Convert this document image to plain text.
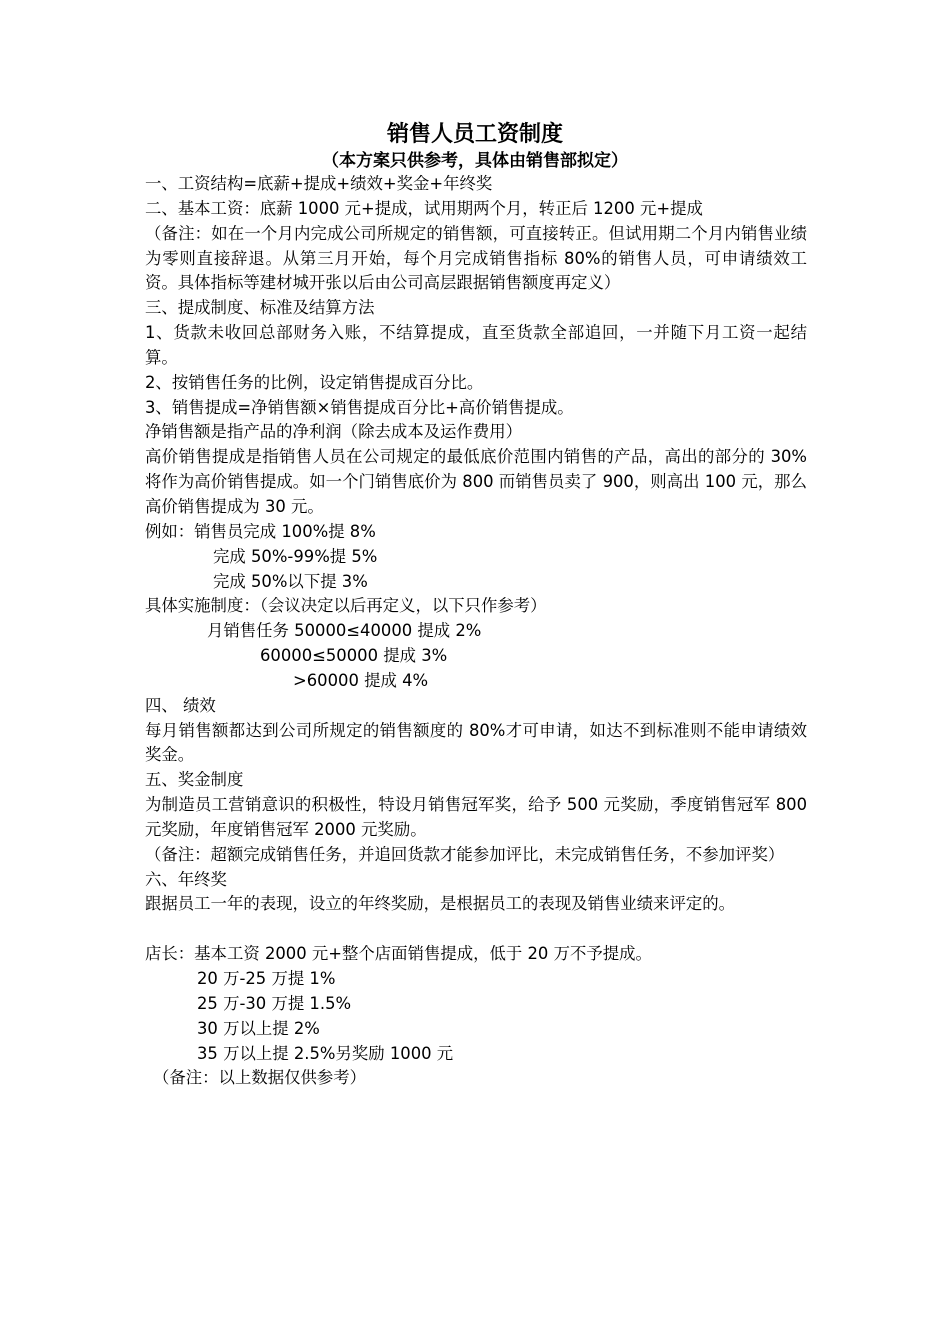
销售人员工资制度
（本方案只供参考，具体由销售部拟定）

一、工资结构=底薪+提成+绩效+奖金+年终奖

二、基本工资：底薪 1000 元+提成，试用期两个月，转正后 1200 元+提成

（备注：如在一个月内完成公司所规定的销售额，可直接转正。但试用期二个月内销售业绩为零则直接辞退。从第三月开始，每个月完成销售指标 80%的销售人员，可申请绩效工资。具体指标等建材城开张以后由公司高层跟据销售额度再定义）

三、提成制度、标准及结算方法

1、货款未收回总部财务入账，不结算提成，直至货款全部追回，一并随下月工资一起结算。

2、按销售任务的比例，设定销售提成百分比。

3、销售提成=净销售额×销售提成百分比+高价销售提成。

净销售额是指产品的净利润（除去成本及运作费用）

高价销售提成是指销售人员在公司规定的最低底价范围内销售的产品，高出的部分的 30%将作为高价销售提成。如一个门销售底价为 800 而销售员卖了 900，则高出 100 元，那么高价销售提成为 30 元。

例如：销售员完成 100%提 8%

完成 50%-99%提 5%

完成 50%以下提 3%

具体实施制度：（会议决定以后再定义，以下只作参考）

月销售任务 50000≤40000 提成 2%

60000≤50000 提成 3%

>60000 提成 4%

四、 绩效

每月销售额都达到公司所规定的销售额度的 80%才可申请，如达不到标准则不能申请绩效奖金。

五、奖金制度

为制造员工营销意识的积极性，特设月销售冠军奖，给予 500 元奖励，季度销售冠军 800 元奖励，年度销售冠军 2000 元奖励。

（备注：超额完成销售任务，并追回货款才能参加评比，未完成销售任务，不参加评奖）

六、年终奖

跟据员工一年的表现，设立的年终奖励，是根据员工的表现及销售业绩来评定的。

店长：基本工资 2000 元+整个店面销售提成，低于 20 万不予提成。

20 万-25 万提 1%

25 万-30 万提 1.5%

30 万以上提 2%

35 万以上提 2.5%另奖励 1000 元

（备注：以上数据仅供参考）
